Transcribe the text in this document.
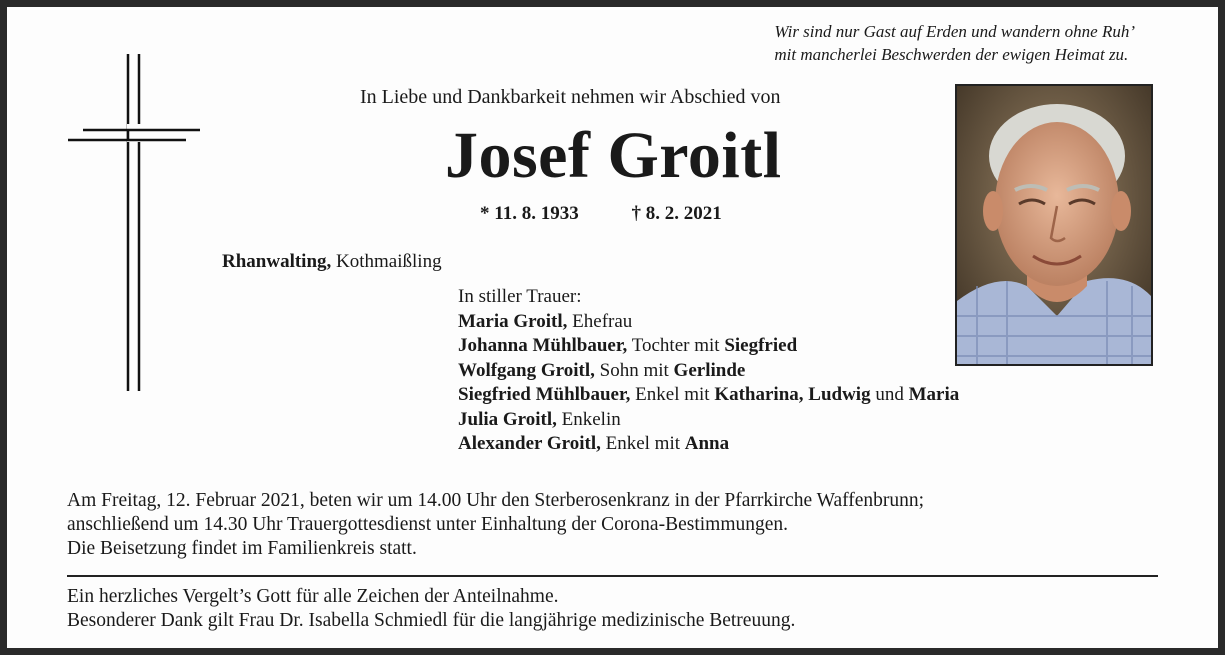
Wir sind nur Gast auf Erden und wandern ohne Ruh’
mit mancherlei Beschwerden der ewigen Heimat zu.
In Liebe und Dankbarkeit nehmen wir Abschied von
Josef Groitl
* 11. 8. 1933	† 8. 2. 2021
Rhanwalting, Kothmaißling
In stiller Trauer:
Maria Groitl, Ehefrau
Johanna Mühlbauer, Tochter mit Siegfried
Wolfgang Groitl, Sohn mit Gerlinde
Siegfried Mühlbauer, Enkel mit Katharina, Ludwig und Maria
Julia Groitl, Enkelin
Alexander Groitl, Enkel mit Anna
Am Freitag, 12. Februar 2021, beten wir um 14.00 Uhr den Sterberosenkranz in der Pfarrkirche Waffenbrunn;
anschließend um 14.30 Uhr Trauergottesdienst unter Einhaltung der Corona-Bestimmungen.
Die Beisetzung findet im Familienkreis statt.
Ein herzliches Vergelt’s Gott für alle Zeichen der Anteilnahme.
Besonderer Dank gilt Frau Dr. Isabella Schmiedl für die langjährige medizinische Betreuung.
